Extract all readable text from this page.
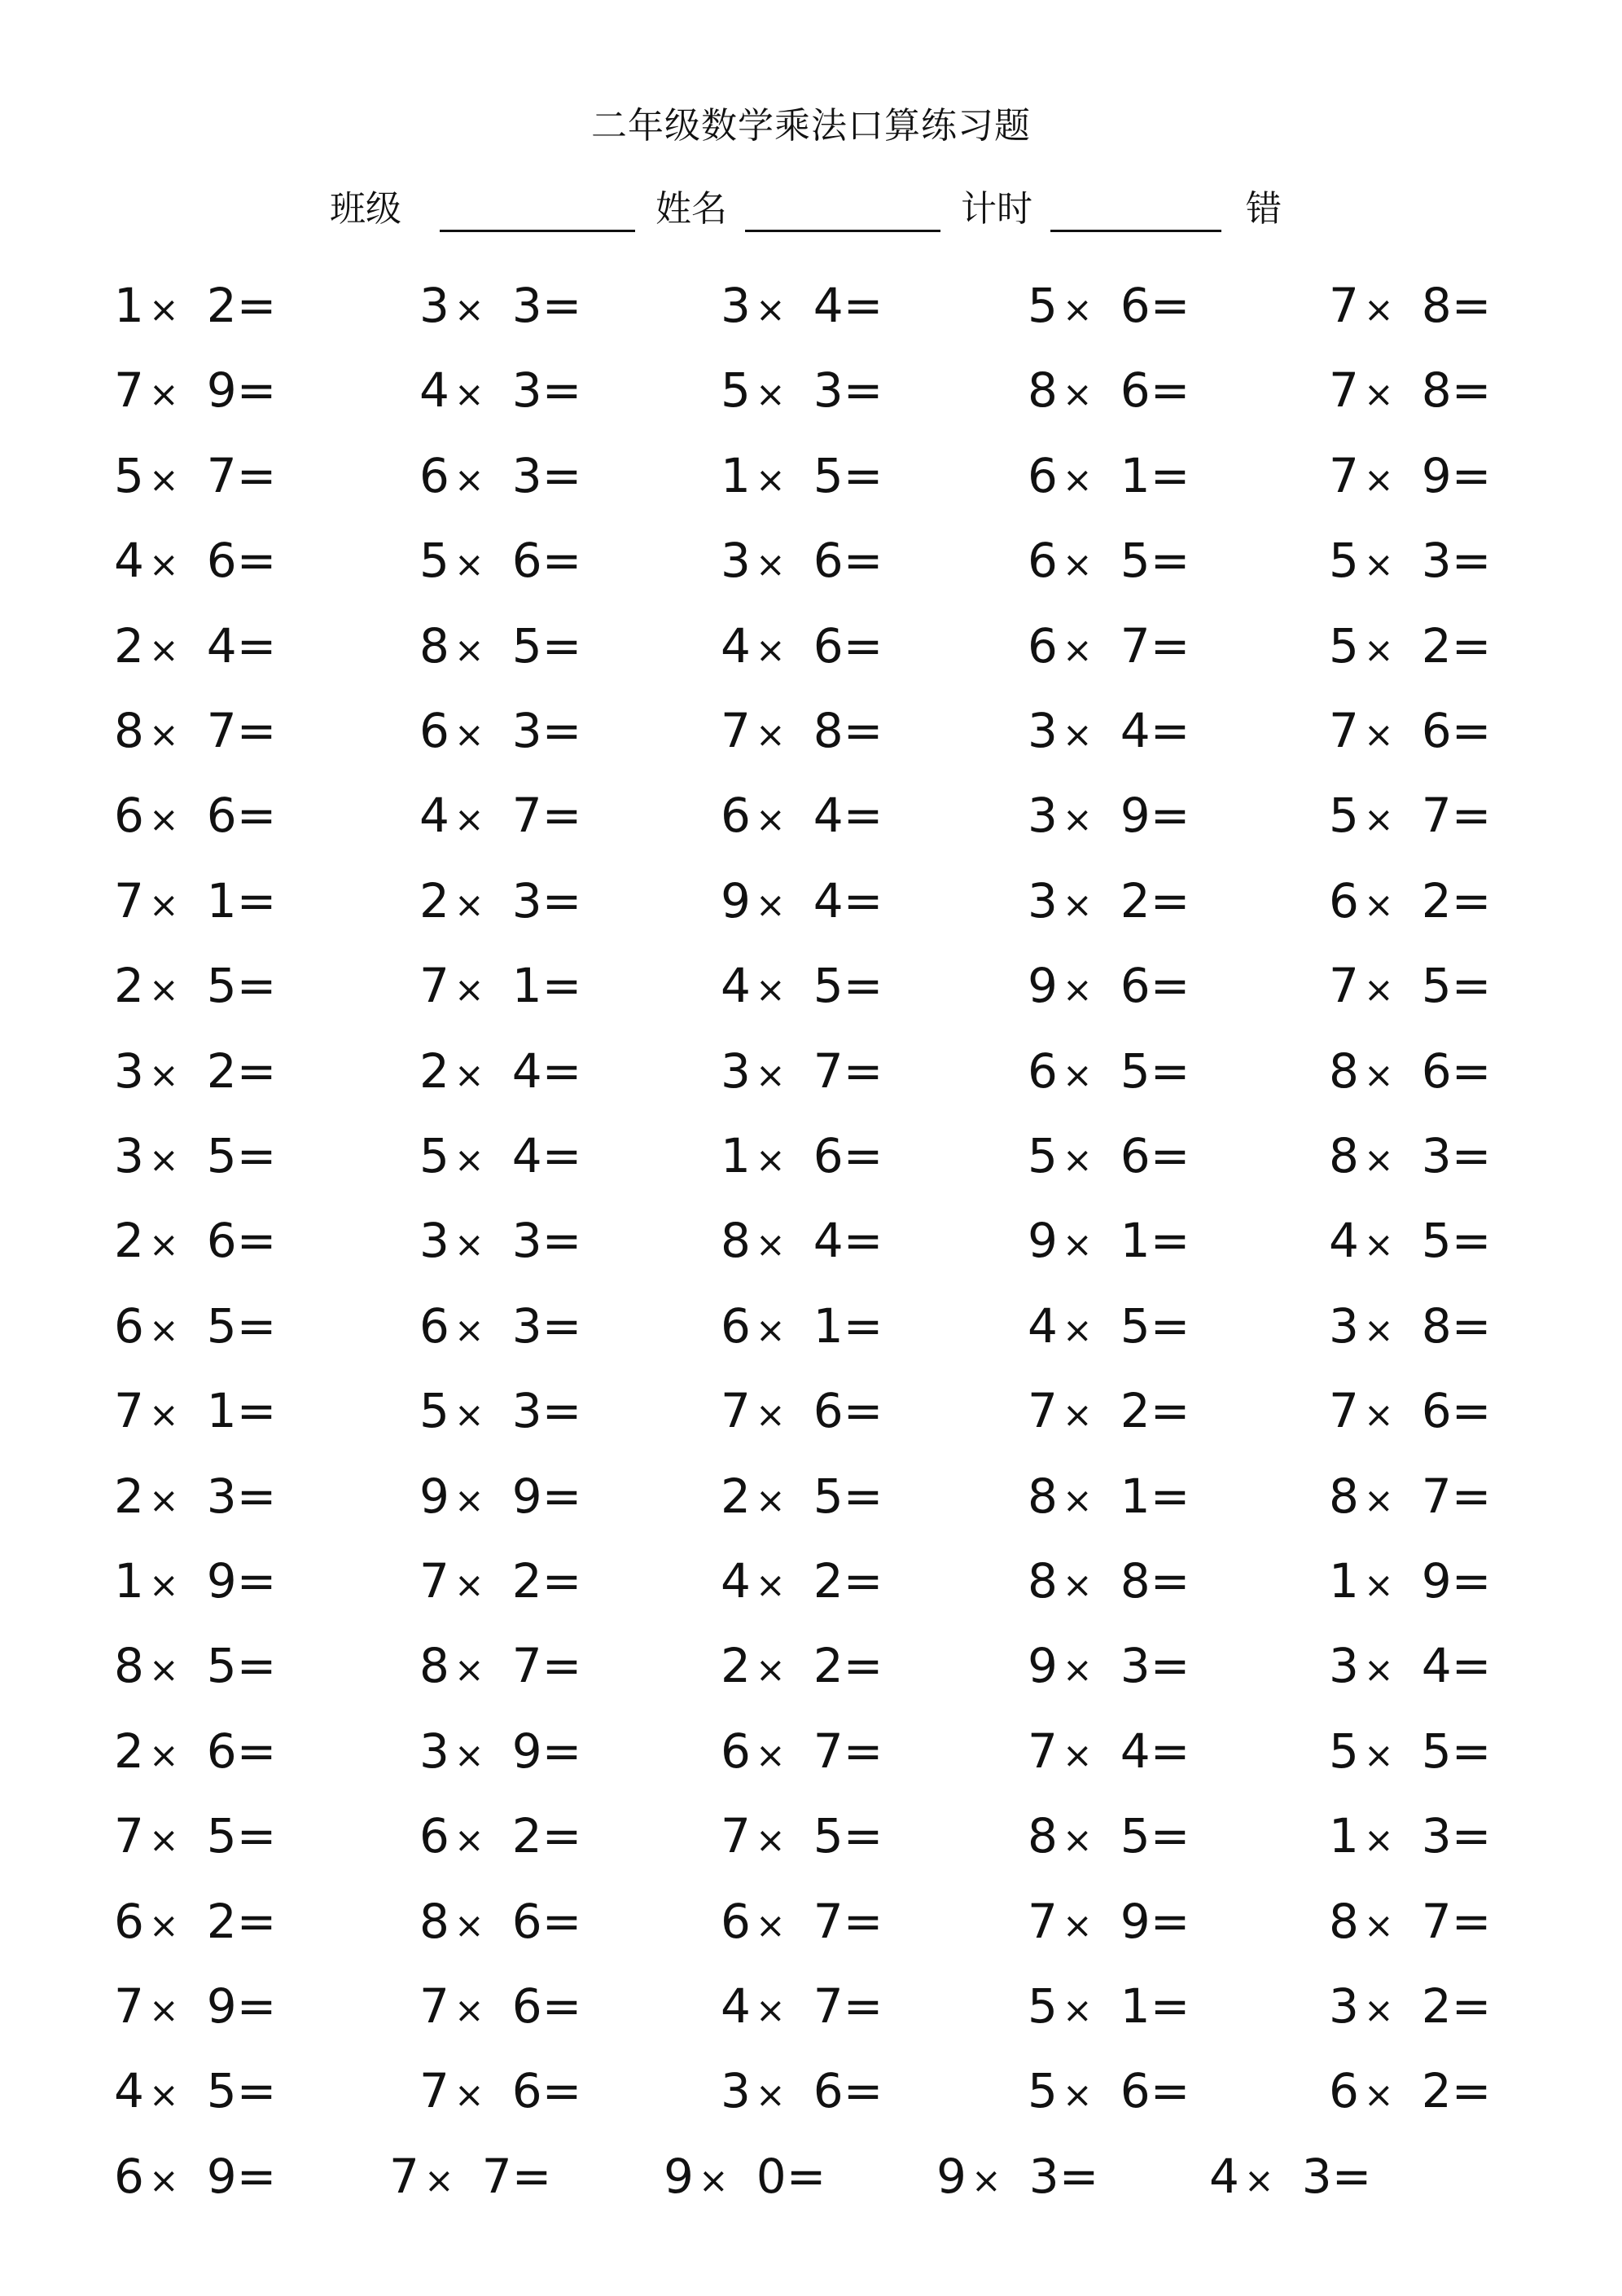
二年级数学乘法口算练习题
班级	姓名	计时	错
1 × 2=	3 × 3=	3 × 4=	5 × 6=	7 × 8=
7 × 9=	4 × 3=	5 × 3=	8 × 6=	7 × 8=
5 × 7=	6 × 3=	1 × 5=	6 × 1=	7 × 9=
4 × 6=	5 × 6=	3 × 6=	6 × 5=	5 × 3=
2 × 4=	8 × 5=	4 × 6=	6 × 7=	5 × 2=
8 × 7=	6 × 3=	7 × 8=	3 × 4=	7 × 6=
6 × 6=	4 × 7=	6 × 4=	3 × 9=	5 × 7=
7 × 1=	2 × 3=	9 × 4=	3 × 2=	6 × 2=
2 × 5=	7 × 1=	4 × 5=	9 × 6=	7 × 5=
3 × 2=	2 × 4=	3 × 7=	6 × 5=	8 × 6=
3 × 5=	5 × 4=	1 × 6=	5 × 6=	8 × 3=
2 × 6=	3 × 3=	8 × 4=	9 × 1=	4 × 5=
6 × 5=	6 × 3=	6 × 1=	4 × 5=	3 × 8=
7 × 1=	5 × 3=	7 × 6=	7 × 2=	7 × 6=
2 × 3=	9 × 9=	2 × 5=	8 × 1=	8 × 7=
1 × 9=	7 × 2=	4 × 2=	8 × 8=	1 × 9=
8 × 5=	8 × 7=	2 × 2=	9 × 3=	3 × 4=
2 × 6=	3 × 9=	6 × 7=	7 × 4=	5 × 5=
7 × 5=	6 × 2=	7 × 5=	8 × 5=	1 × 3=
6 × 2=	8 × 6=	6 × 7=	7 × 9=	8 × 7=
7 × 9=	7 × 6=	4 × 7=	5 × 1=	3 × 2=
4 × 5=	7 × 6=	3 × 6=	5 × 6=	6 × 2=
6 × 9= 7 × 7= 9 × 0= 9 × 3= 4 × 3=
